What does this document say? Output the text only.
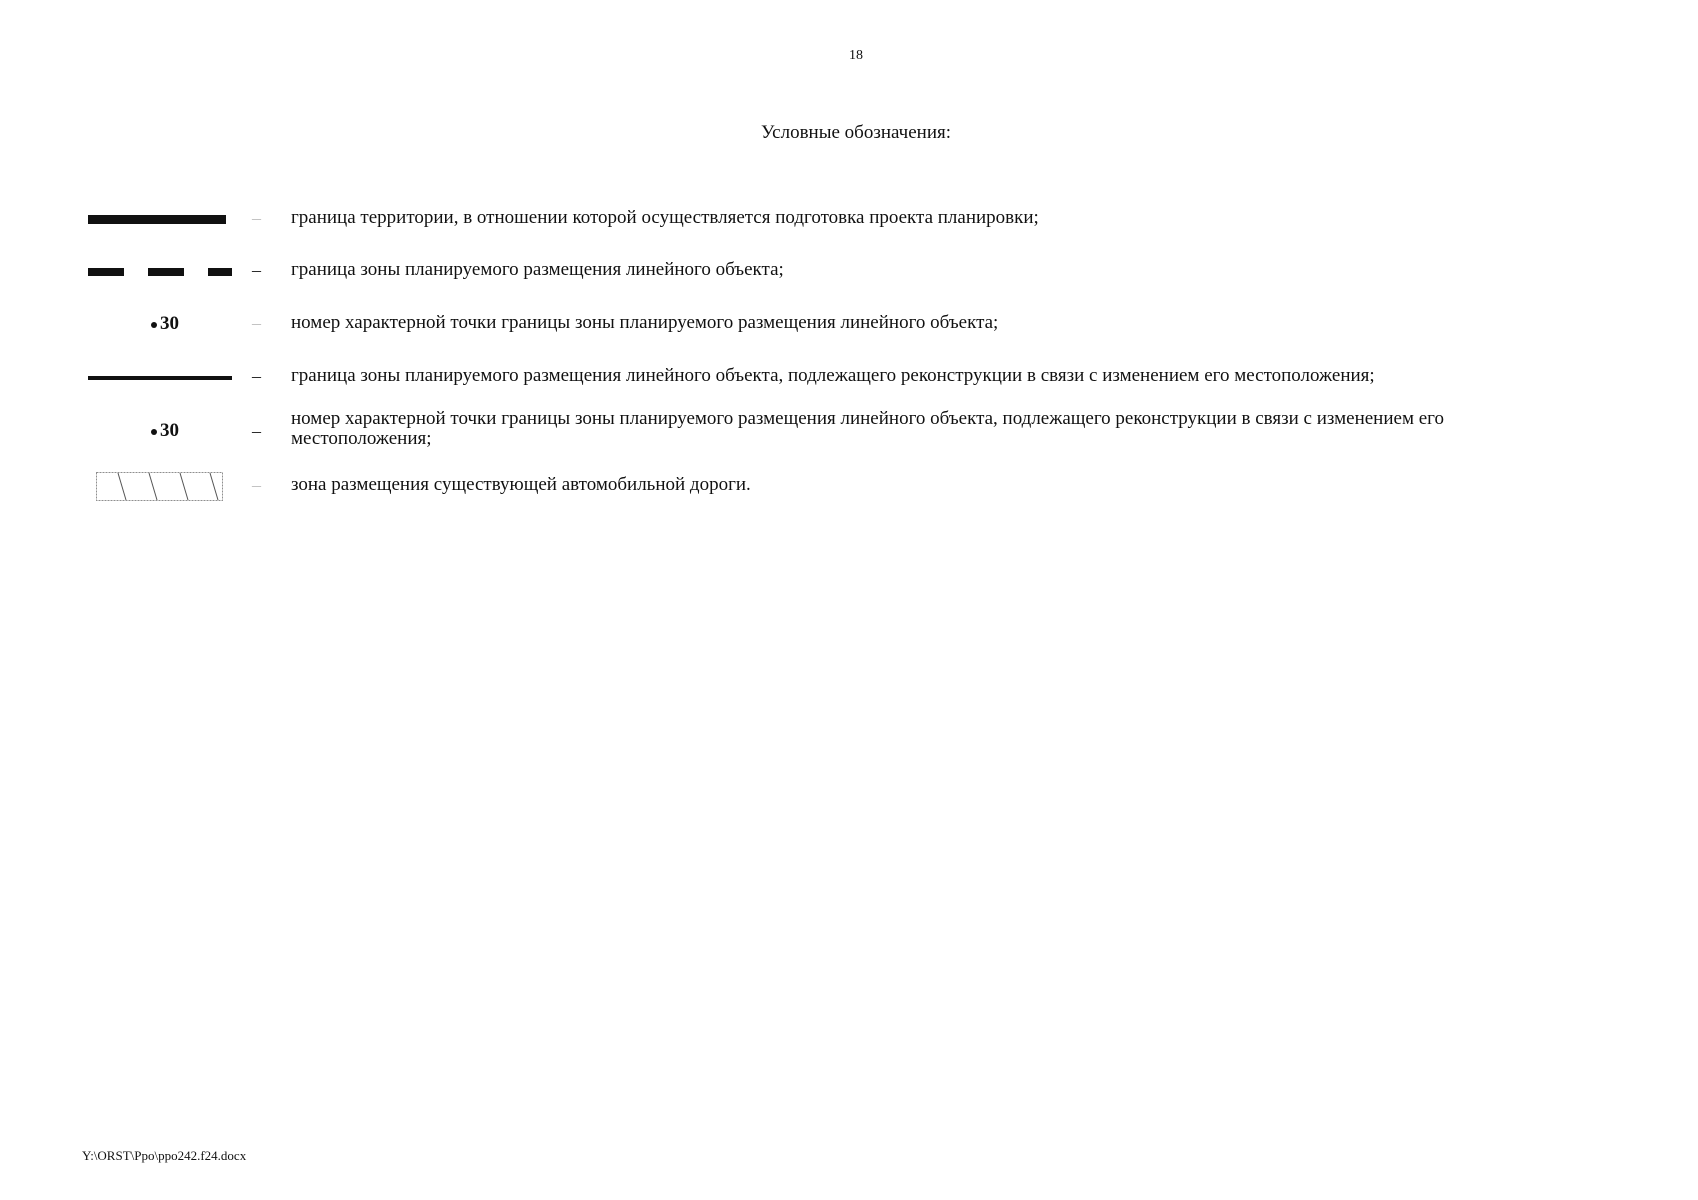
18
Условные обозначения:
– граница территории, в отношении которой осуществляется подготовка проекта планировки;
– граница зоны планируемого размещения линейного объекта;
30	– номер характерной точки границы зоны планируемого размещения линейного объекта;
– граница зоны планируемого размещения линейного объекта, подлежащего реконструкции в связи с изменением его местоположения;
30	–
номер характерной точки границы зоны планируемого размещения линейного объекта, подлежащего реконструкции в связи с изменением его местоположения;
– зона размещения существующей автомобильной дороги.
Y:\ORST\Ppo\ppo242.f24.docx
